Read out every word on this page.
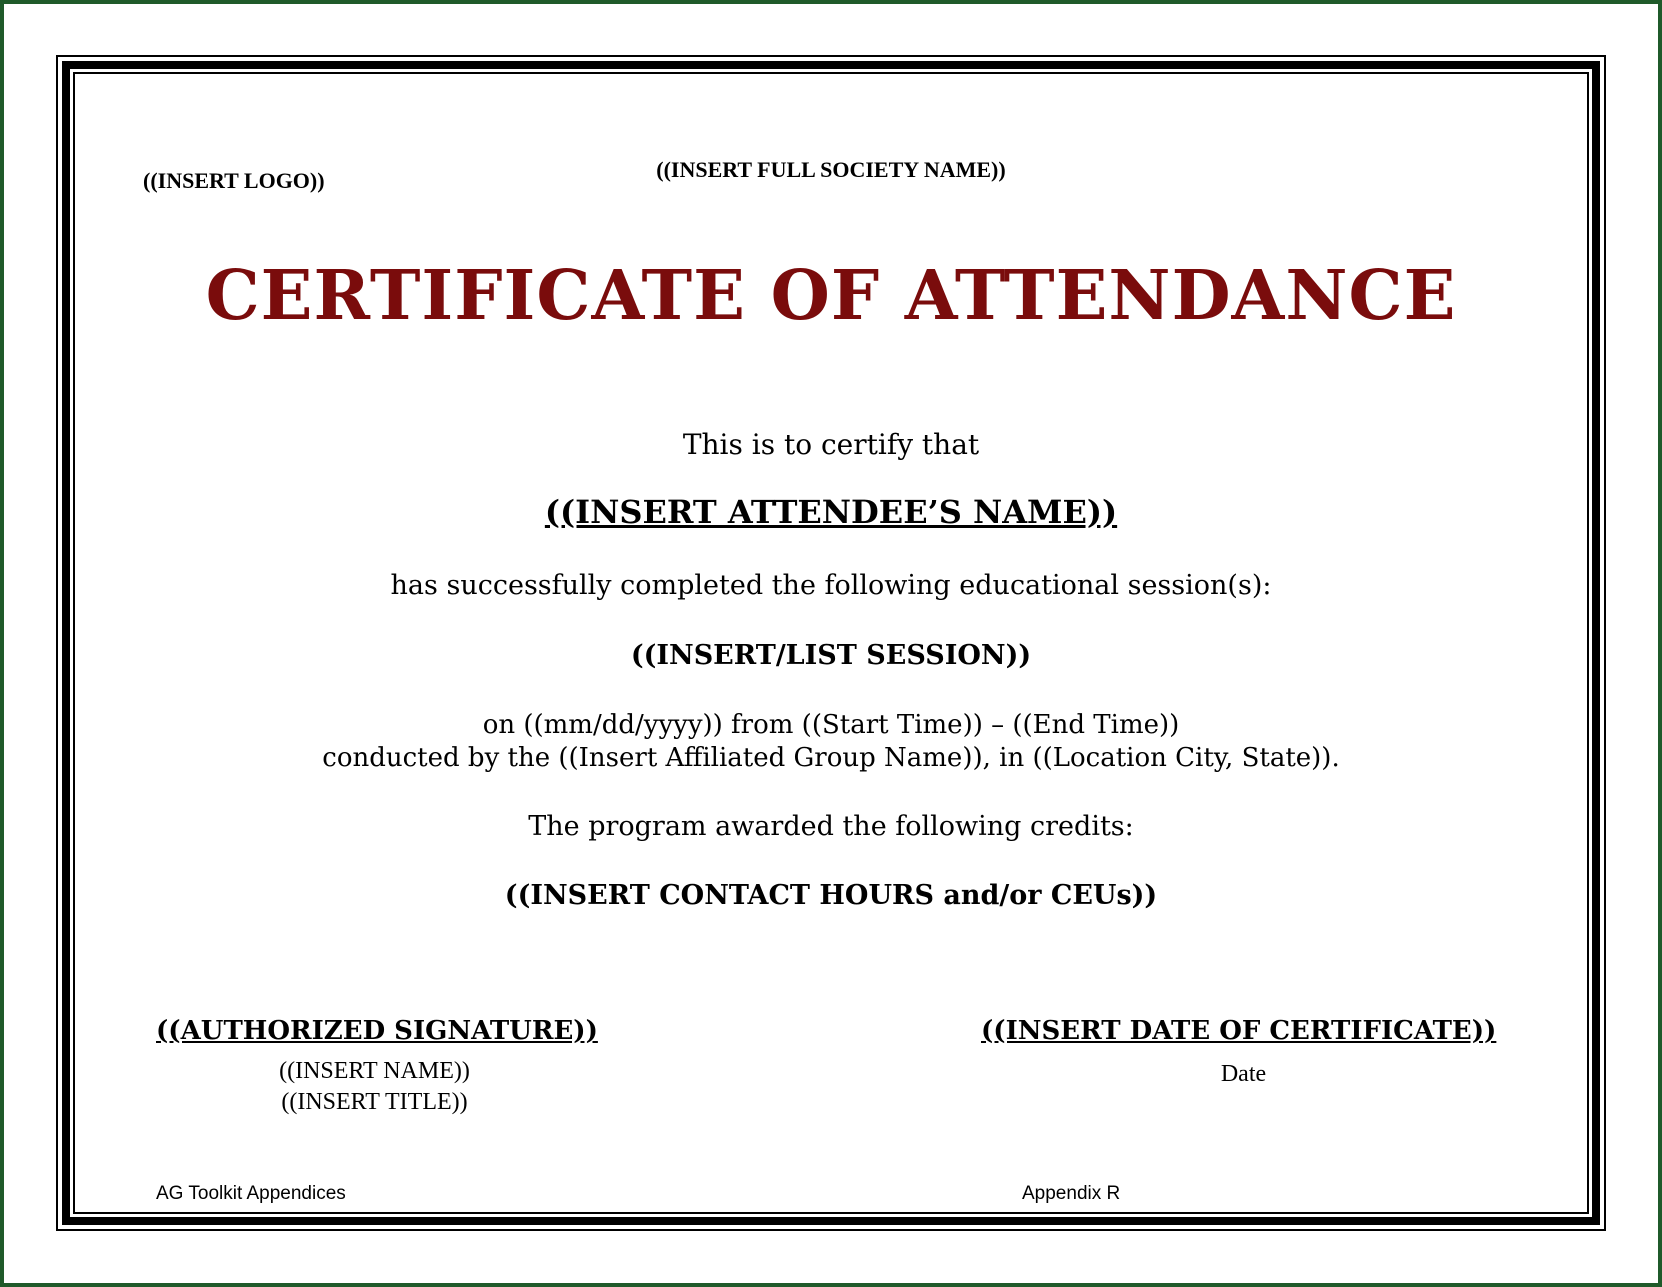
((INSERT LOGO))	((INSERT FULL SOCIETY NAME))
CERTIFICATE OF ATTENDANCE
This is to certify that
((INSERT ATTENDEE’S NAME))
has successfully completed the following educational session(s):
((INSERT/LIST SESSION))
on ((mm/dd/yyyy)) from ((Start Time)) – ((End Time))
conducted by the ((Insert Affiliated Group Name)), in ((Location City, State)).
The program awarded the following credits:
((INSERT CONTACT HOURS and/or CEUs))
((AUTHORIZED SIGNATURE))
((INSERT NAME))
((INSERT TITLE))
((INSERT DATE OF CERTIFICATE))
Date
AG Toolkit Appendices	Appendix R
